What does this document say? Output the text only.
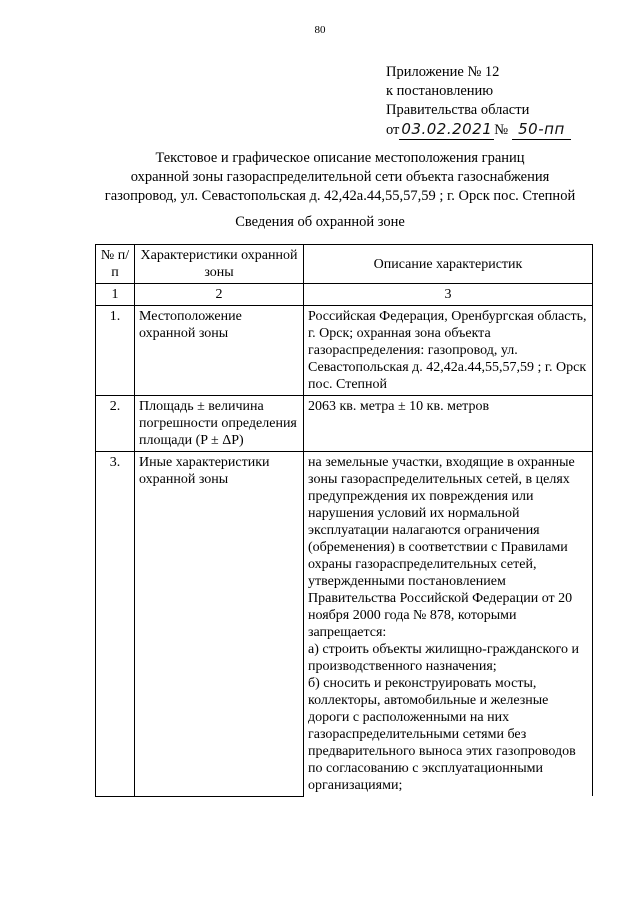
80
Приложение № 12
к постановлению
Правительства области
от 03.02.2021 № 50-пп
Текстовое и графическое описание местоположения границ
охранной зоны газораспределительной сети объекта газоснабжения
газопровод, ул. Севастопольская д. 42,42а.44,55,57,59 ; г. Орск пос. Степной
Сведения об охранной зоне
№ п/п	Характеристики охранной зоны	Описание характеристик
1	2	3
1.	Местоположение охранной зоны	Российская Федерация, Оренбургская область, г. Орск; охранная зона объекта газораспределения: газопровод, ул. Севастопольская д. 42,42а.44,55,57,59 ; г. Орск пос. Степной
2.	Площадь ± величина погрешности определения площади (P ± ΔP)	2063 кв. метра ± 10 кв. метров
3.	Иные характеристики охранной зоны	на земельные участки, входящие в охранные зоны газораспределительных сетей, в целях предупреждения их повреждения или нарушения условий их нормальной эксплуатации налагаются ограничения (обременения) в соответствии с Правилами охраны газораспределительных сетей, утвержденными постановлением Правительства Российской Федерации от 20 ноября 2000 года № 878, которыми запрещается:
а) строить объекты жилищно-гражданского и производственного назначения;
б) сносить и реконструировать мосты, коллекторы, автомобильные и железные дороги с расположенными на них газораспределительными сетями без предварительного выноса этих газопроводов по согласованию с эксплуатационными организациями;
